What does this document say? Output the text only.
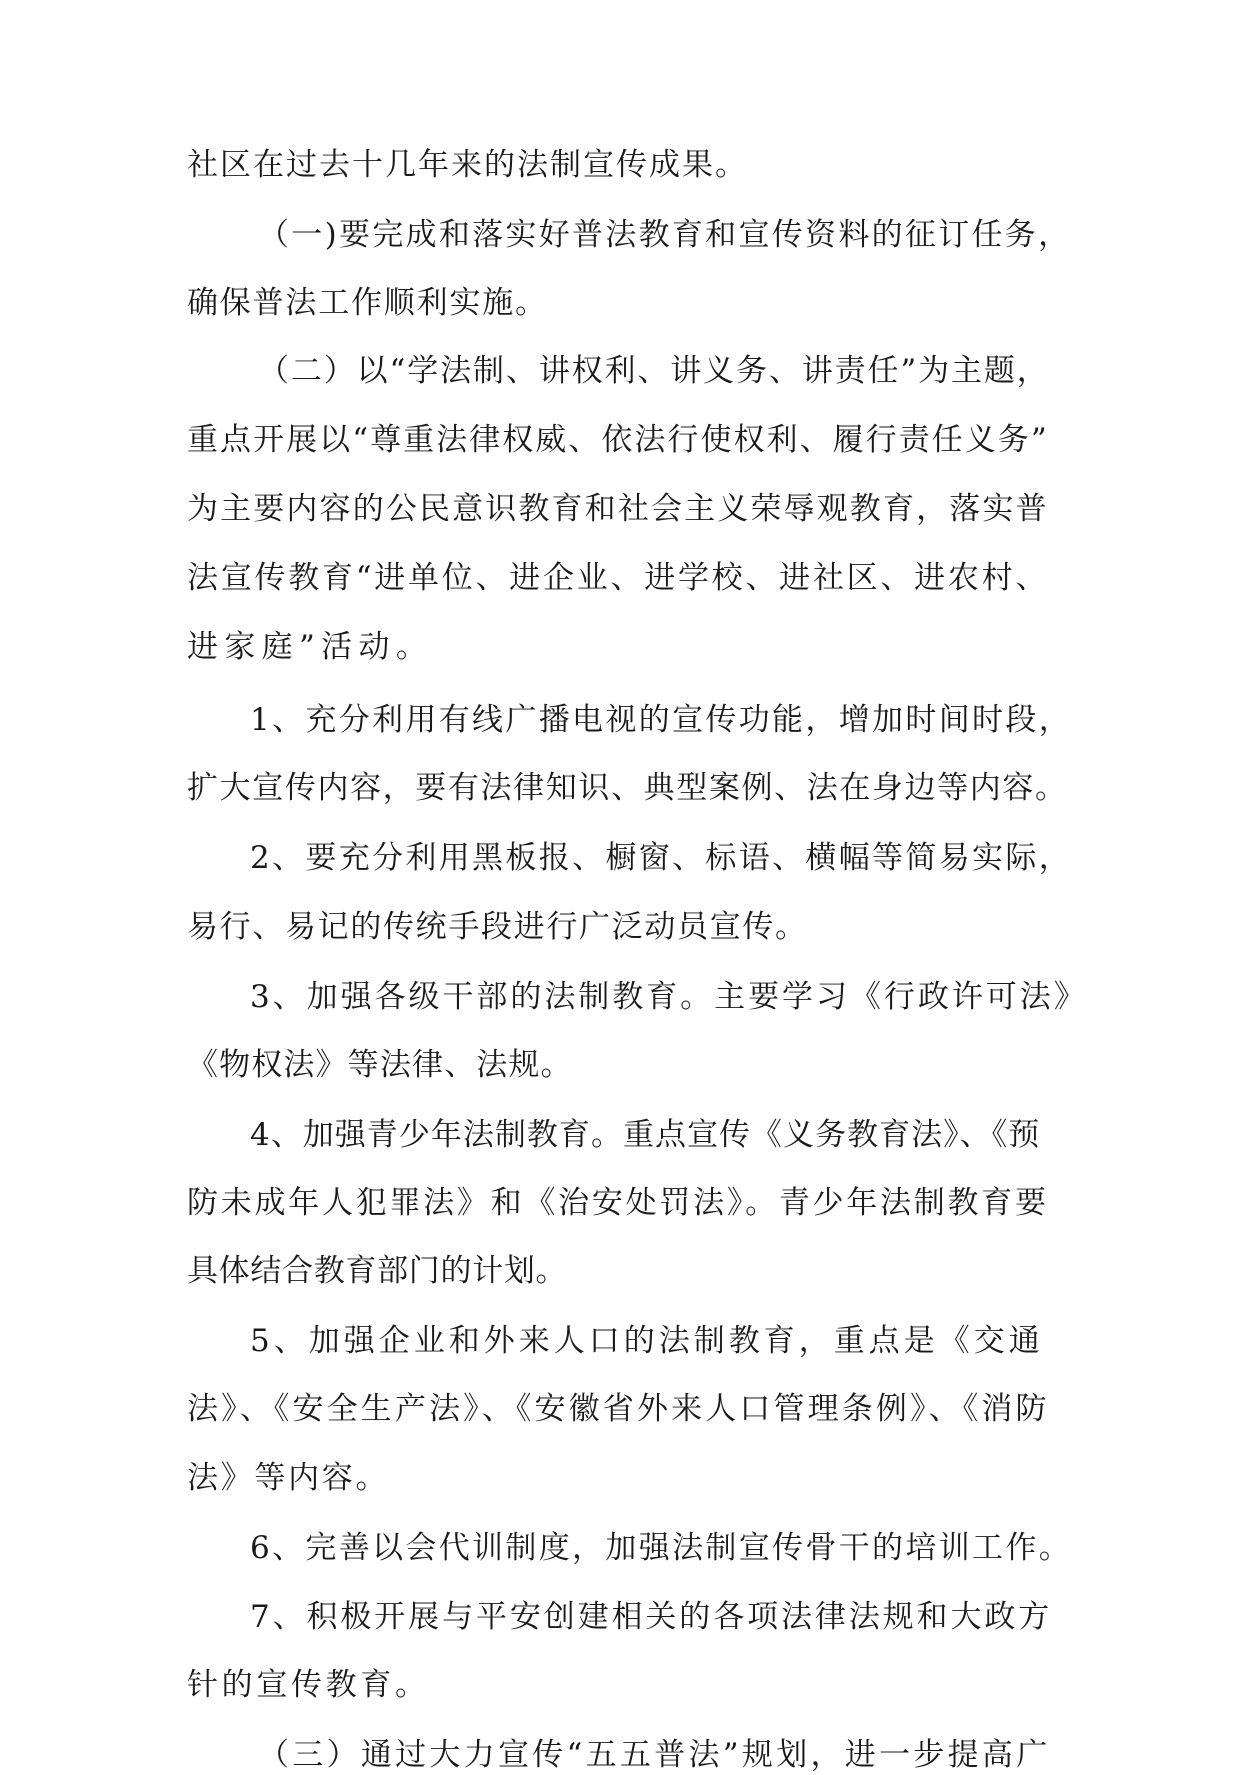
社区在过去十几年来的法制宣传成果。
（一)要完成和落实好普法教育和宣传资料的征订任务，
确保普法工作顺利实施。
（二）以“学法制、讲权利、讲义务、讲责任”为主题，
重点开展以“尊重法律权威、依法行使权利、履行责任义务”
为主要内容的公民意识教育和社会主义荣辱观教育，落实普
法宣传教育“进单位、进企业、进学校、进社区、进农村、
进家庭”活动。
1、充分利用有线广播电视的宣传功能，增加时间时段，
扩大宣传内容，要有法律知识、典型案例、法在身边等内容。
2、要充分利用黑板报、橱窗、标语、横幅等简易实际，
易行、易记的传统手段进行广泛动员宣传。
3、加强各级干部的法制教育。主要学习《行政许可法》
《物权法》等法律、法规。
4、加强青少年法制教育。重点宣传《义务教育法》、《预
防未成年人犯罪法》和《治安处罚法》。青少年法制教育要
具体结合教育部门的计划。
5、加强企业和外来人口的法制教育，重点是《交通
法》、《安全生产法》、《安徽省外来人口管理条例》、《消防
法》等内容。
6、完善以会代训制度，加强法制宣传骨干的培训工作。
7、积极开展与平安创建相关的各项法律法规和大政方
针的宣传教育。
（三）通过大力宣传“五五普法”规划，进一步提高广
